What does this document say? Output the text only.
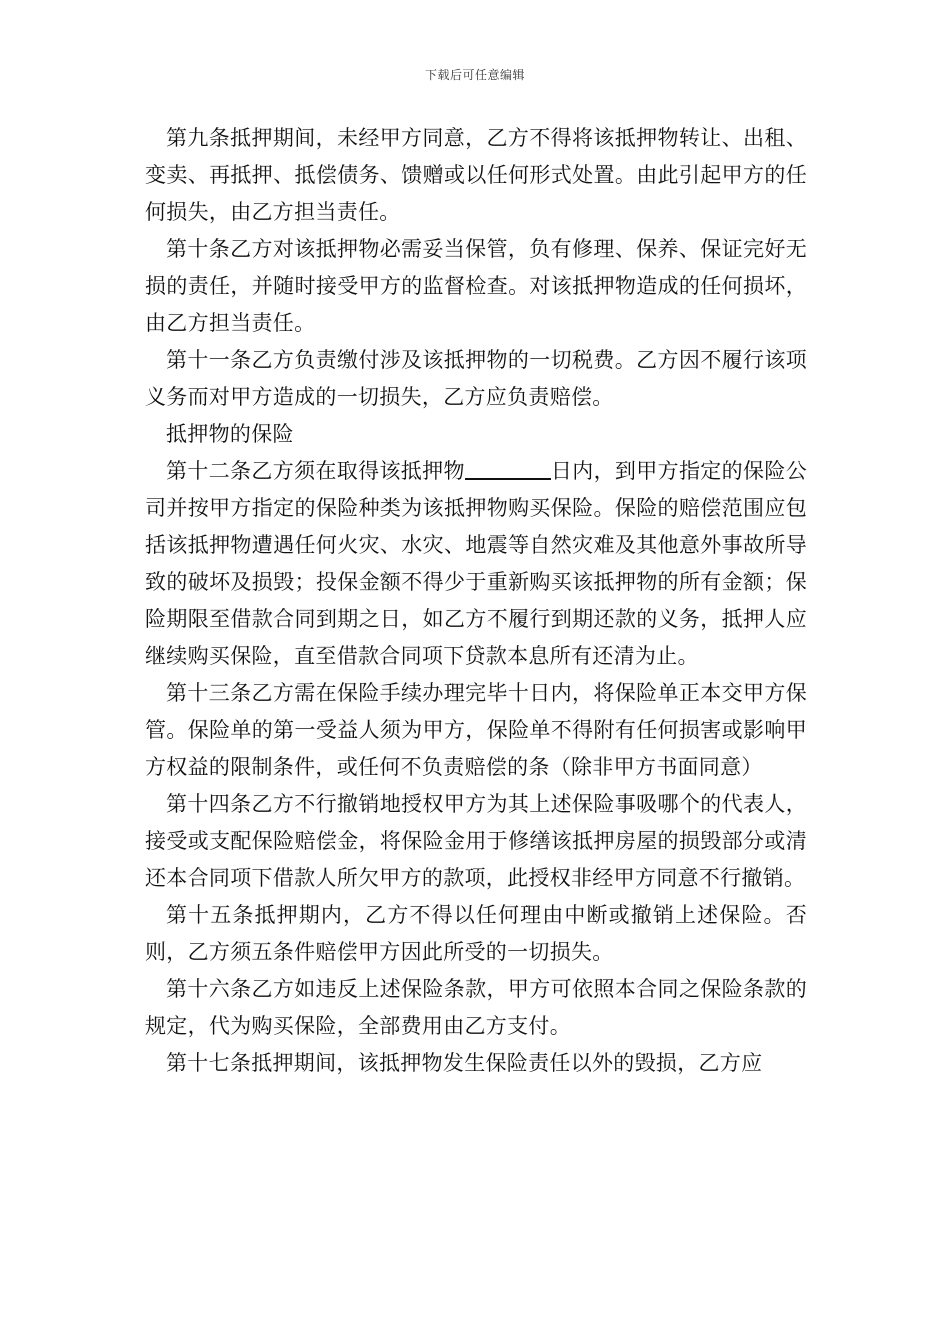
下载后可任意编辑

第九条抵押期间，未经甲方同意，乙方不得将该抵押物转让、出租、变卖、再抵押、抵偿债务、馈赠或以任何形式处置。由此引起甲方的任何损失，由乙方担当责任。

第十条乙方对该抵押物必需妥当保管，负有修理、保养、保证完好无损的责任，并随时接受甲方的监督检查。对该抵押物造成的任何损坏，由乙方担当责任。

第十一条乙方负责缴付涉及该抵押物的一切税费。乙方因不履行该项义务而对甲方造成的一切损失，乙方应负责赔偿。

抵押物的保险

第十二条乙方须在取得该抵押物	日内，到甲方指定的保险公司并按甲方指定的保险种类为该抵押物购买保险。保险的赔偿范围应包括该抵押物遭遇任何火灾、水灾、地震等自然灾难及其他意外事故所导致的破坏及损毁；投保金额不得少于重新购买该抵押物的所有金额；保险期限至借款合同到期之日，如乙方不履行到期还款的义务，抵押人应继续购买保险，直至借款合同项下贷款本息所有还清为止。

第十三条乙方需在保险手续办理完毕十日内，将保险单正本交甲方保管。保险单的第一受益人须为甲方，保险单不得附有任何损害或影响甲方权益的限制条件，或任何不负责赔偿的条（除非甲方书面同意）

第十四条乙方不行撤销地授权甲方为其上述保险事吸哪个的代表人，接受或支配保险赔偿金，将保险金用于修缮该抵押房屋的损毁部分或清还本合同项下借款人所欠甲方的款项，此授权非经甲方同意不行撤销。

第十五条抵押期内，乙方不得以任何理由中断或撤销上述保险。否则，乙方须五条件赔偿甲方因此所受的一切损失。

第十六条乙方如违反上述保险条款，甲方可依照本合同之保险条款的规定，代为购买保险，全部费用由乙方支付。

第十七条抵押期间，该抵押物发生保险责任以外的毁损，乙方应
